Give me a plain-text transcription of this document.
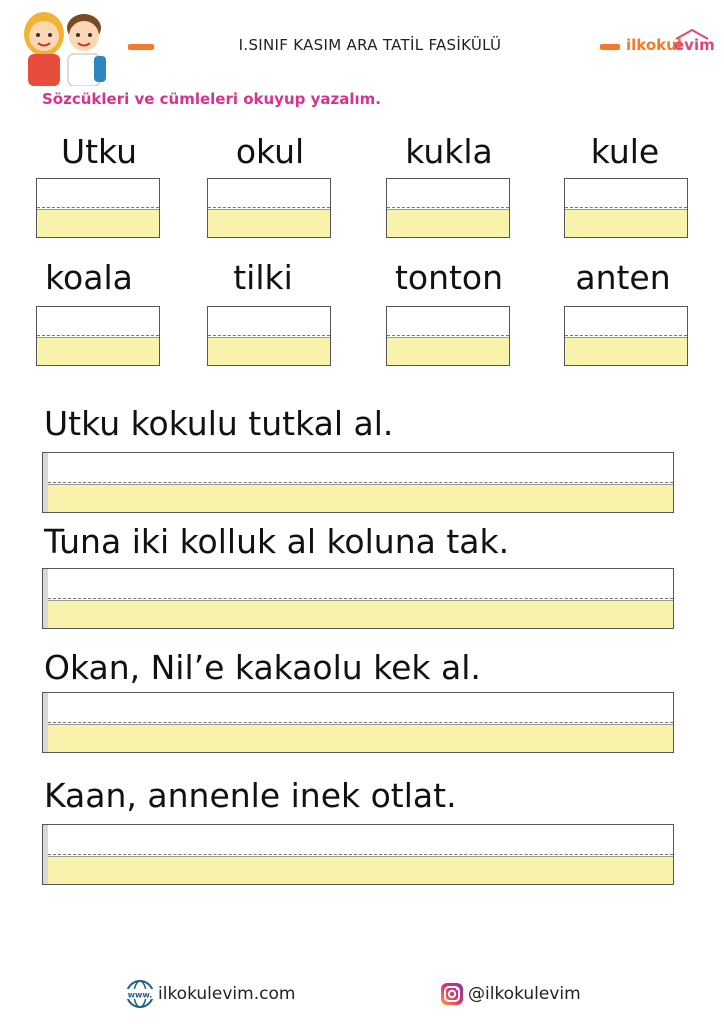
I.SINIF KASIM ARA TATİL FASİKÜLÜ	ilkokul
evim
Sözcükleri ve cümleleri okuyup yazalım.
Utku	okul	kukla	kule
koala	tilki	tonton	anten
Utku kokulu tutkal al.
Tuna iki kolluk al koluna tak.
Okan, Nil’e kakaolu kek al.
Kaan, annenle inek otlat.
www. ilkokulevim.com	@ilkokulevim
